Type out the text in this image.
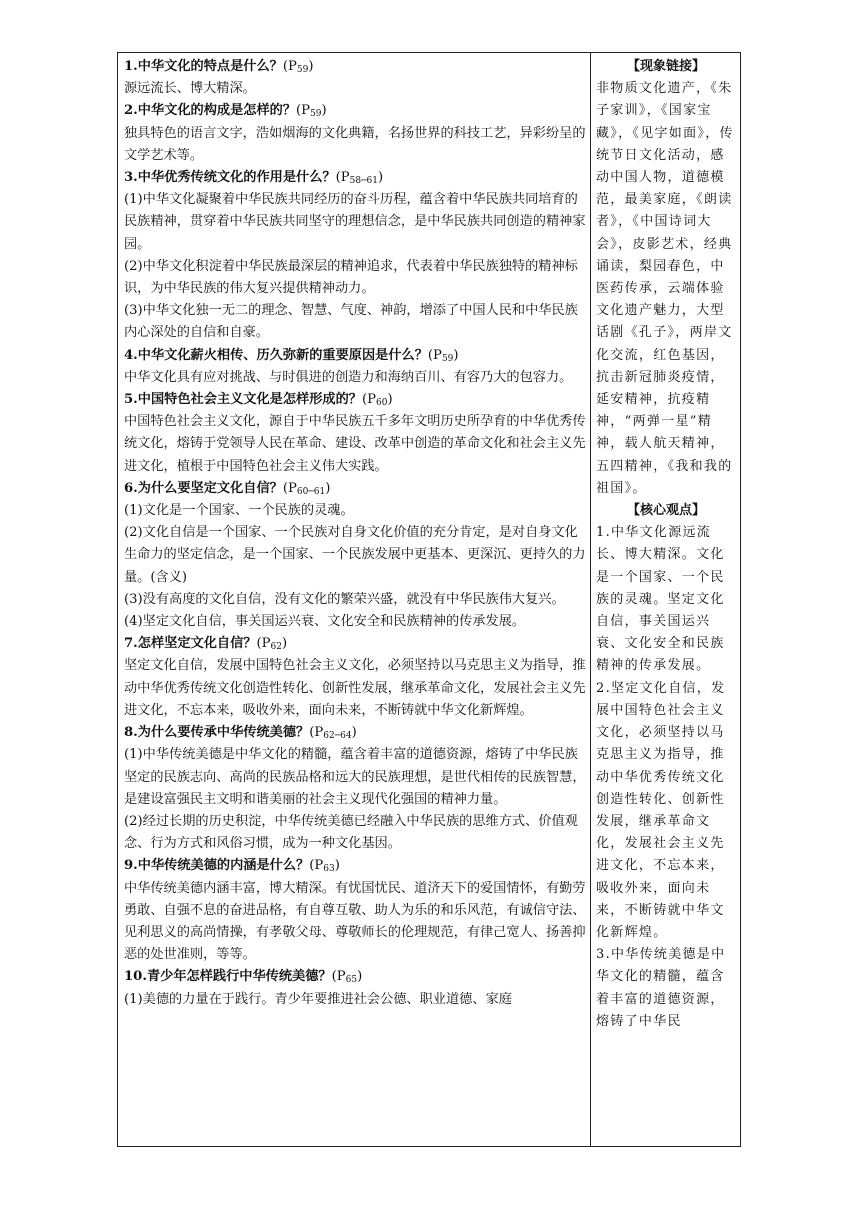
1.中华文化的特点是什么？$(P_{59})$

源远流长、博大精深。

2.中华文化的构成是怎样的？$(P_{59})$

独具特色的语言文字，浩如烟海的文化典籍，名扬世界的科技工艺，异彩纷呈的文学艺术等。

3.中华优秀传统文化的作用是什么？$(P_{58─61})$

(1)中华文化凝聚着中华民族共同经历的奋斗历程，蕴含着中华民族共同培育的民族精神，贯穿着中华民族共同坚守的理想信念，是中华民族共同创造的精神家园。

(2)中华文化积淀着中华民族最深层的精神追求，代表着中华民族独特的精神标识，为中华民族的伟大复兴提供精神动力。

(3)中华文化独一无二的理念、智慧、气度、神韵，增添了中国人民和中华民族内心深处的自信和自豪。

4.中华文化薪火相传、历久弥新的重要原因是什么？$(P_{59})$

中华文化具有应对挑战、与时俱进的创造力和海纳百川、有容乃大的包容力。

5.中国特色社会主义文化是怎样形成的？$(P_{60})$

中国特色社会主义文化，源自于中华民族五千多年文明历史所孕育的中华优秀传统文化，熔铸于党领导人民在革命、建设、改革中创造的革命文化和社会主义先进文化，植根于中国特色社会主义伟大实践。

6.为什么要坚定文化自信？$(P_{60─61})$

(1)文化是一个国家、一个民族的灵魂。

(2)文化自信是一个国家、一个民族对自身文化价值的充分肯定，是对自身文化生命力的坚定信念，是一个国家、一个民族发展中更基本、更深沉、更持久的力量。(含义)

(3)没有高度的文化自信，没有文化的繁荣兴盛，就没有中华民族伟大复兴。

(4)坚定文化自信，事关国运兴衰、文化安全和民族精神的传承发展。

7.怎样坚定文化自信？$(P_{62})$

坚定文化自信，发展中国特色社会主义文化，必须坚持以马克思主义为指导，推动中华优秀传统文化创造性转化、创新性发展，继承革命文化，发展社会主义先进文化，不忘本来，吸收外来，面向未来，不断铸就中华文化新辉煌。

8.为什么要传承中华传统美德？$(P_{62─64})$

(1)中华传统美德是中华文化的精髓，蕴含着丰富的道德资源，熔铸了中华民族坚定的民族志向、高尚的民族品格和远大的民族理想，是世代相传的民族智慧，是建设富强民主文明和谐美丽的社会主义现代化强国的精神力量。

(2)经过长期的历史积淀，中华传统美德已经融入中华民族的思维方式、价值观念、行为方式和风俗习惯，成为一种文化基因。

9.中华传统美德的内涵是什么？$(P_{63})$

中华传统美德内涵丰富，博大精深。有忧国忧民、道济天下的爱国情怀，有勤劳勇敢、自强不息的奋进品格，有自尊互敬、助人为乐的和乐风范，有诚信守法、见利思义的高尚情操，有孝敬父母、尊敬师长的伦理规范，有律己宽人、扬善抑恶的处世准则，等等。

10.青少年怎样践行中华传统美德？$(P_{65})$

(1)美德的力量在于践行。青少年要推进社会公德、职业道德、家庭

【现象链接】

非物质文化遗产，《朱子家训》，《国家宝藏》，《见字如面》，传统节日文化活动，感动中国人物，道德模范，最美家庭，《朗读者》，《中国诗词大会》，皮影艺术，经典诵读，梨园春色，中医药传承，云端体验文化遗产魅力，大型话剧《孔子》，两岸文化交流，红色基因，抗击新冠肺炎疫情，延安精神，抗疫精神，“两弹一星”精神，载人航天精神，五四精神，《我和我的祖国》。

【核心观点】

1.中华文化源远流长、博大精深。文化是一个国家、一个民族的灵魂。坚定文化自信，事关国运兴衰、文化安全和民族精神的传承发展。

2.坚定文化自信，发展中国特色社会主义文化，必须坚持以马克思主义为指导，推动中华优秀传统文化创造性转化、创新性发展，继承革命文化，发展社会主义先进文化，不忘本来，吸收外来，面向未来，不断铸就中华文化新辉煌。

3.中华传统美德是中华文化的精髓，蕴含着丰富的道德资源，熔铸了中华民
